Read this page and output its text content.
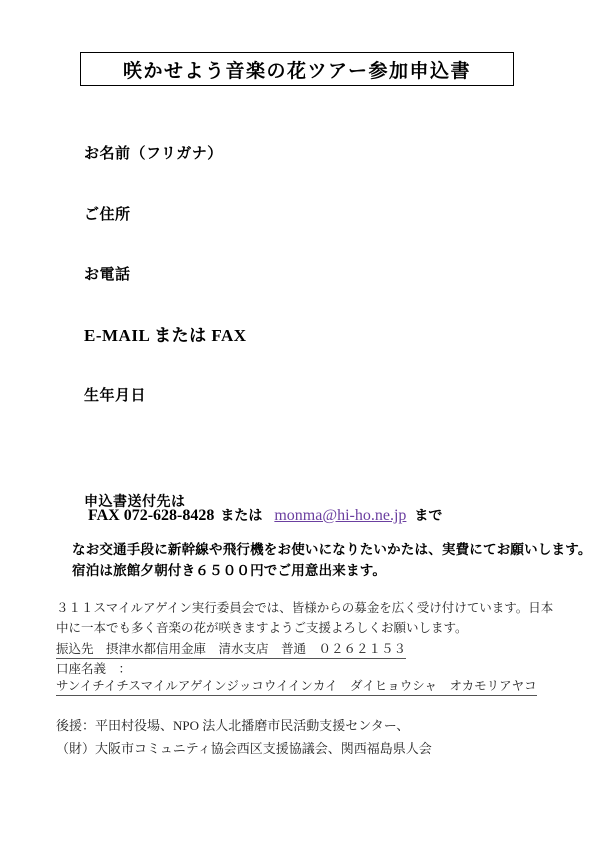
咲かせよう音楽の花ツアー参加申込書
お名前（フリガナ）
ご住所
お電話
E-MAIL または FAX
生年月日
申込書送付先は
FAX 072-628-8428 または monma@hi-ho.ne.jp まで
なお交通手段に新幹線や飛行機をお使いになりたいかたは、実費にてお願いします。
宿泊は旅館夕朝付き６５００円でご用意出来ます。
３１１スマイルアゲイン実行委員会では、皆様からの募金を広く受け付けています。日本
中に一本でも多く音楽の花が咲きますようご支援よろしくお願いします。
振込先　摂津水都信用金庫　清水支店　普通　０２６２１５３
口座名義　：
サンイチイチスマイルアゲインジッコウイインカイ　ダイヒョウシャ　オカモリアヤコ
後援：平田村役場、NPO 法人北播磨市民活動支援センター、
（財）大阪市コミュニティ協会西区支援協議会、関西福島県人会
